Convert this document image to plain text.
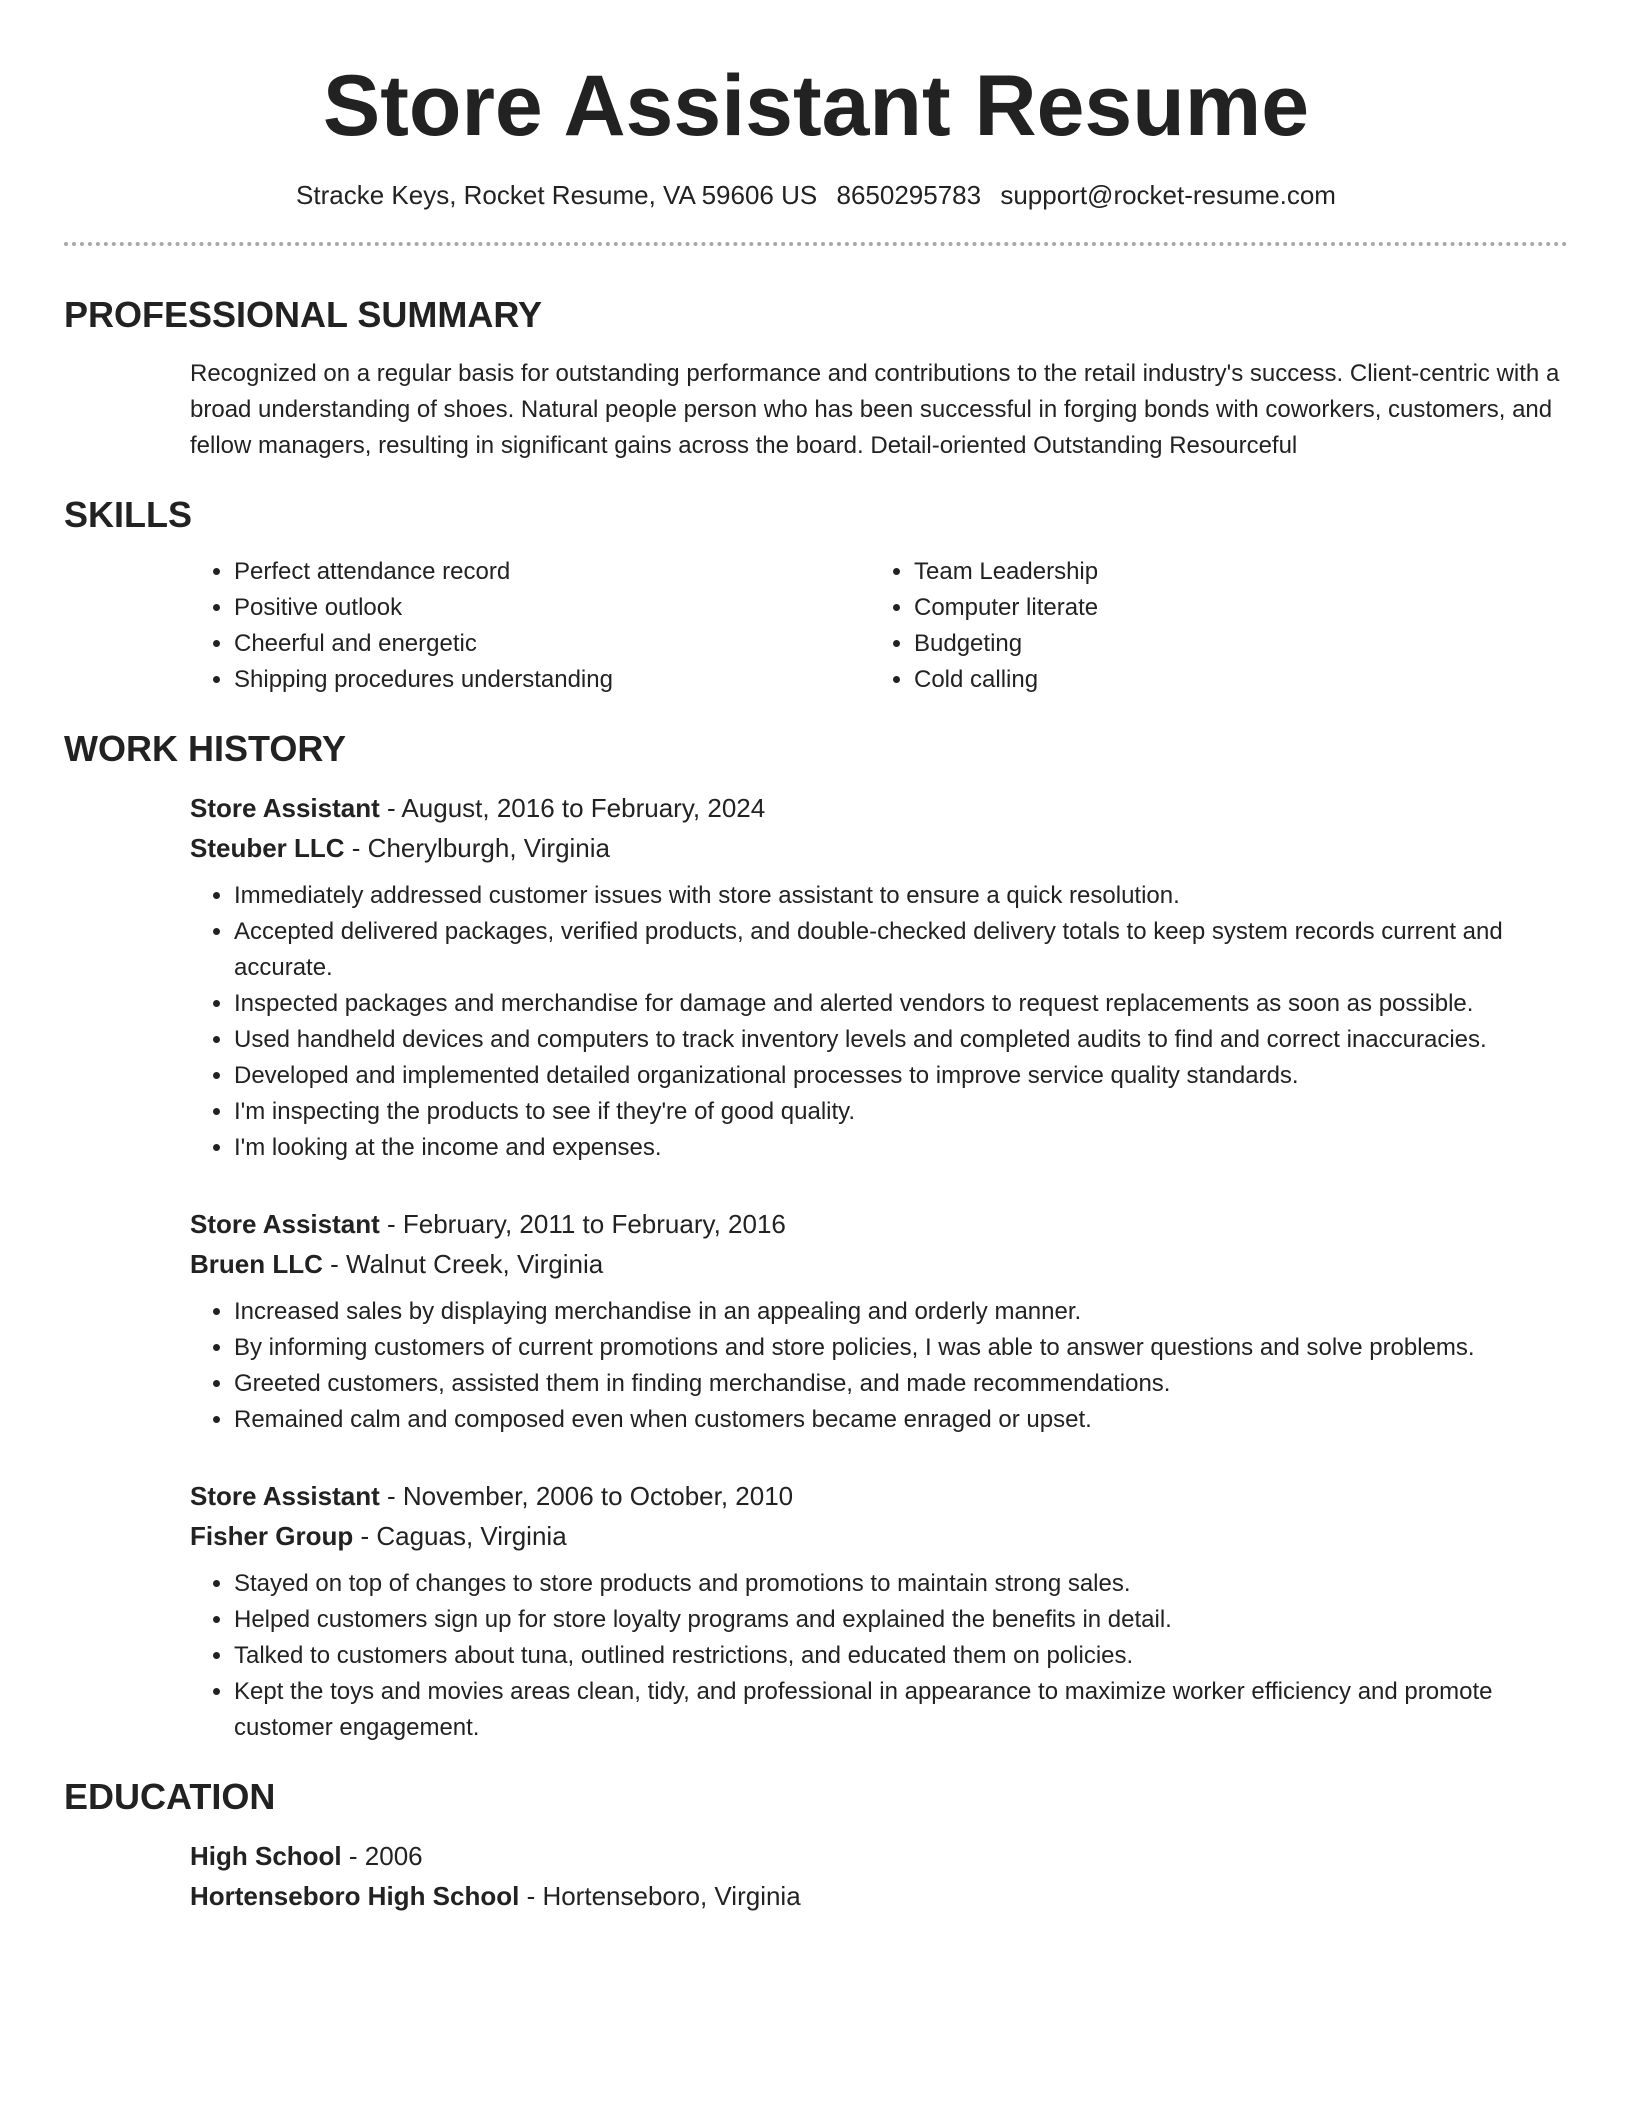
Store Assistant Resume
Stracke Keys, Rocket Resume, VA 59606 US 8650295783 support@rocket-resume.com
PROFESSIONAL SUMMARY

Recognized on a regular basis for outstanding performance and contributions to the retail industry's success. Client-centric with a broad understanding of shoes. Natural people person who has been successful in forging bonds with coworkers, customers, and fellow managers, resulting in significant gains across the board. Detail-oriented Outstanding Resourceful

SKILLS
• Perfect attendance record
• Positive outlook
• Cheerful and energetic
• Shipping procedures understanding
• Team Leadership
• Computer literate
• Budgeting
• Cold calling
WORK HISTORY
Store Assistant - August, 2016 to February, 2024
Steuber LLC - Cherylburgh, Virginia
• Immediately addressed customer issues with store assistant to ensure a quick resolution.
• Accepted delivered packages, verified products, and double-checked delivery totals to keep system records current and accurate.
• Inspected packages and merchandise for damage and alerted vendors to request replacements as soon as possible.
• Used handheld devices and computers to track inventory levels and completed audits to find and correct inaccuracies.
• Developed and implemented detailed organizational processes to improve service quality standards.
• I'm inspecting the products to see if they're of good quality.
• I'm looking at the income and expenses.
Store Assistant - February, 2011 to February, 2016
Bruen LLC - Walnut Creek, Virginia
• Increased sales by displaying merchandise in an appealing and orderly manner.
• By informing customers of current promotions and store policies, I was able to answer questions and solve problems.
• Greeted customers, assisted them in finding merchandise, and made recommendations.
• Remained calm and composed even when customers became enraged or upset.
Store Assistant - November, 2006 to October, 2010
Fisher Group - Caguas, Virginia
• Stayed on top of changes to store products and promotions to maintain strong sales.
• Helped customers sign up for store loyalty programs and explained the benefits in detail.
• Talked to customers about tuna, outlined restrictions, and educated them on policies.
• Kept the toys and movies areas clean, tidy, and professional in appearance to maximize worker efficiency and promote customer engagement.
EDUCATION
High School - 2006
Hortenseboro High School - Hortenseboro, Virginia
